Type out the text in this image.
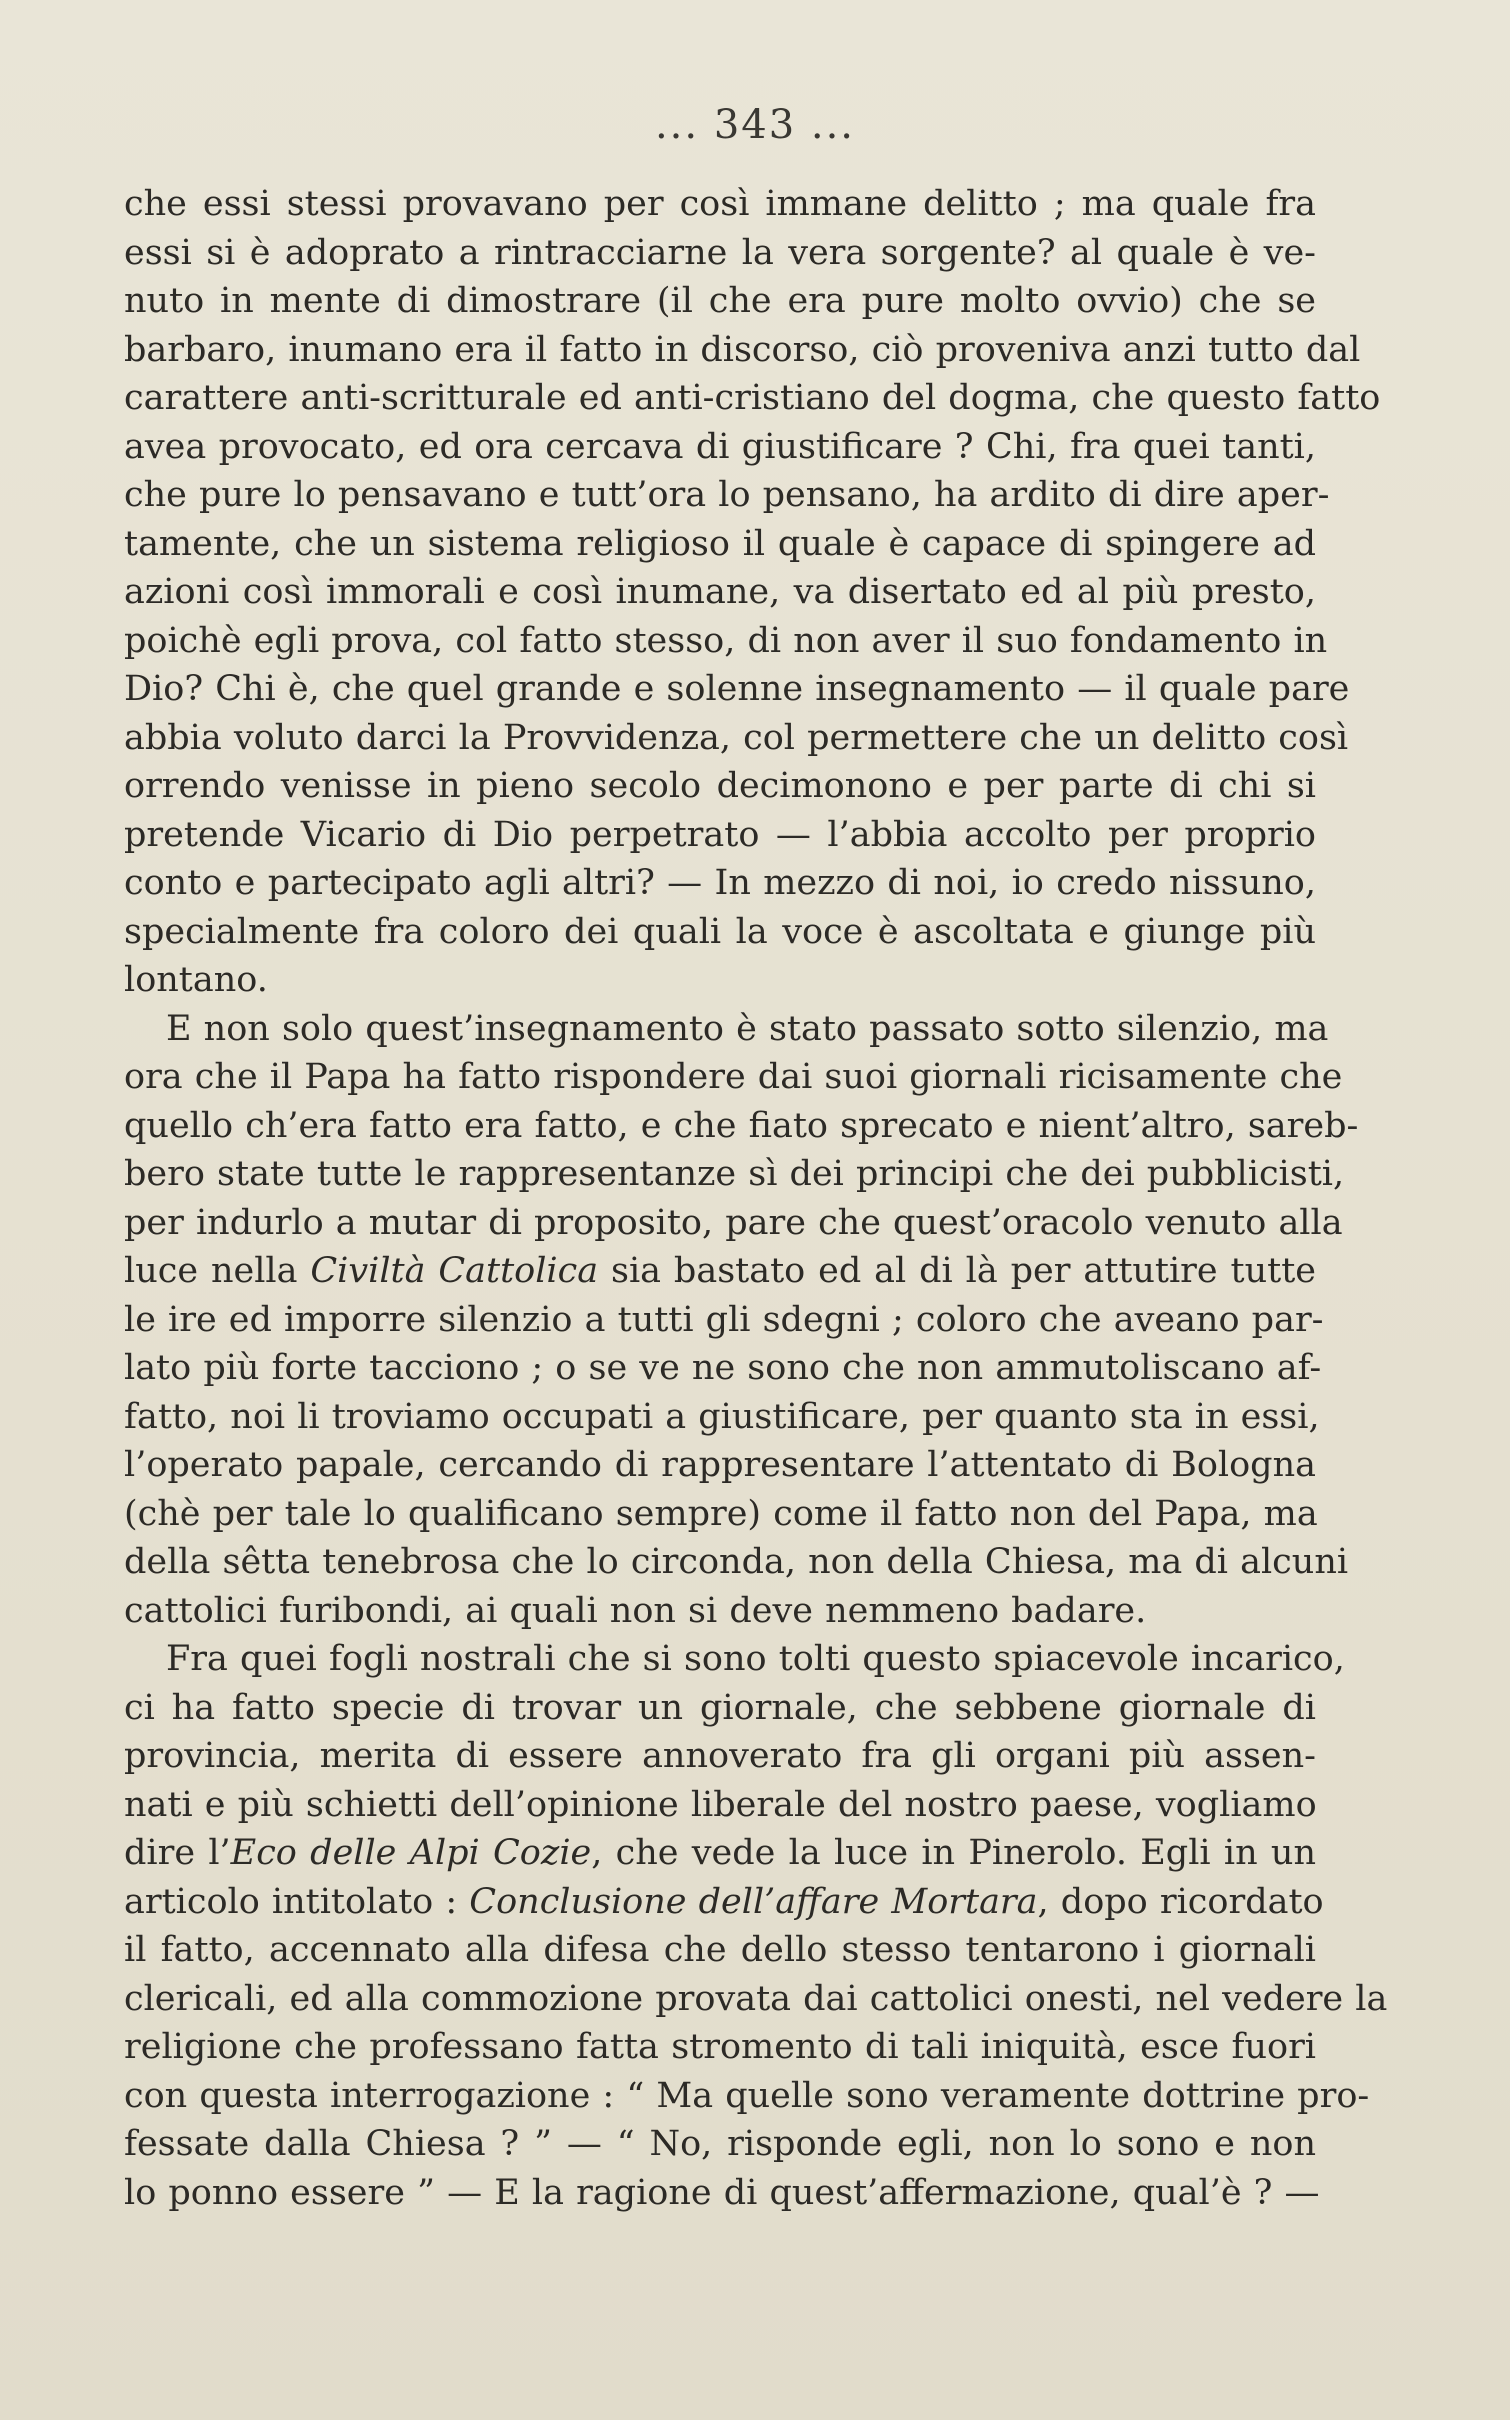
... 343 ...
che essi stessi provavano per così immane delitto ; ma quale fra
essi si è adoprato a rintracciarne la vera sorgente? al quale è ve-
nuto in mente di dimostrare (il che era pure molto ovvio) che se
barbaro, inumano era il fatto in discorso, ciò proveniva anzi tutto dal
carattere anti-scritturale ed anti-cristiano del dogma, che questo fatto
avea provocato, ed ora cercava di giustificare ? Chi, fra quei tanti,
che pure lo pensavano e tutt’ora lo pensano, ha ardito di dire aper-
tamente, che un sistema religioso il quale è capace di spingere ad
azioni così immorali e così inumane, va disertato ed al più presto,
poichè egli prova, col fatto stesso, di non aver il suo fondamento in
Dio? Chi è, che quel grande e solenne insegnamento — il quale pare
abbia voluto darci la Provvidenza, col permettere che un delitto così
orrendo venisse in pieno secolo decimonono e per parte di chi si
pretende Vicario di Dio perpetrato — l’abbia accolto per proprio
conto e partecipato agli altri? — In mezzo di noi, io credo nissuno,
specialmente fra coloro dei quali la voce è ascoltata e giunge più
lontano.
E non solo quest’insegnamento è stato passato sotto silenzio, ma
ora che il Papa ha fatto rispondere dai suoi giornali ricisamente che
quello ch’era fatto era fatto, e che fiato sprecato e nient’altro, sareb-
bero state tutte le rappresentanze sì dei principi che dei pubblicisti,
per indurlo a mutar di proposito, pare che quest’oracolo venuto alla
luce nella Civiltà Cattolica sia bastato ed al di là per attutire tutte
le ire ed imporre silenzio a tutti gli sdegni ; coloro che aveano par-
lato più forte tacciono ; o se ve ne sono che non ammutoliscano af-
fatto, noi li troviamo occupati a giustificare, per quanto sta in essi,
l’operato papale, cercando di rappresentare l’attentato di Bologna
(chè per tale lo qualificano sempre) come il fatto non del Papa, ma
della sêtta tenebrosa che lo circonda, non della Chiesa, ma di alcuni
cattolici furibondi, ai quali non si deve nemmeno badare.
Fra quei fogli nostrali che si sono tolti questo spiacevole incarico,
ci ha fatto specie di trovar un giornale, che sebbene giornale di
provincia, merita di essere annoverato fra gli organi più assen-
nati e più schietti dell’opinione liberale del nostro paese, vogliamo
dire l’Eco delle Alpi Cozie, che vede la luce in Pinerolo. Egli in un
articolo intitolato : Conclusione dell’affare Mortara, dopo ricordato
il fatto, accennato alla difesa che dello stesso tentarono i giornali
clericali, ed alla commozione provata dai cattolici onesti, nel vedere la
religione che professano fatta stromento di tali iniquità, esce fuori
con questa interrogazione : “ Ma quelle sono veramente dottrine pro-
fessate dalla Chiesa ? ” — “ No, risponde egli, non lo sono e non
lo ponno essere ” — E la ragione di quest’affermazione, qual’è ? —
